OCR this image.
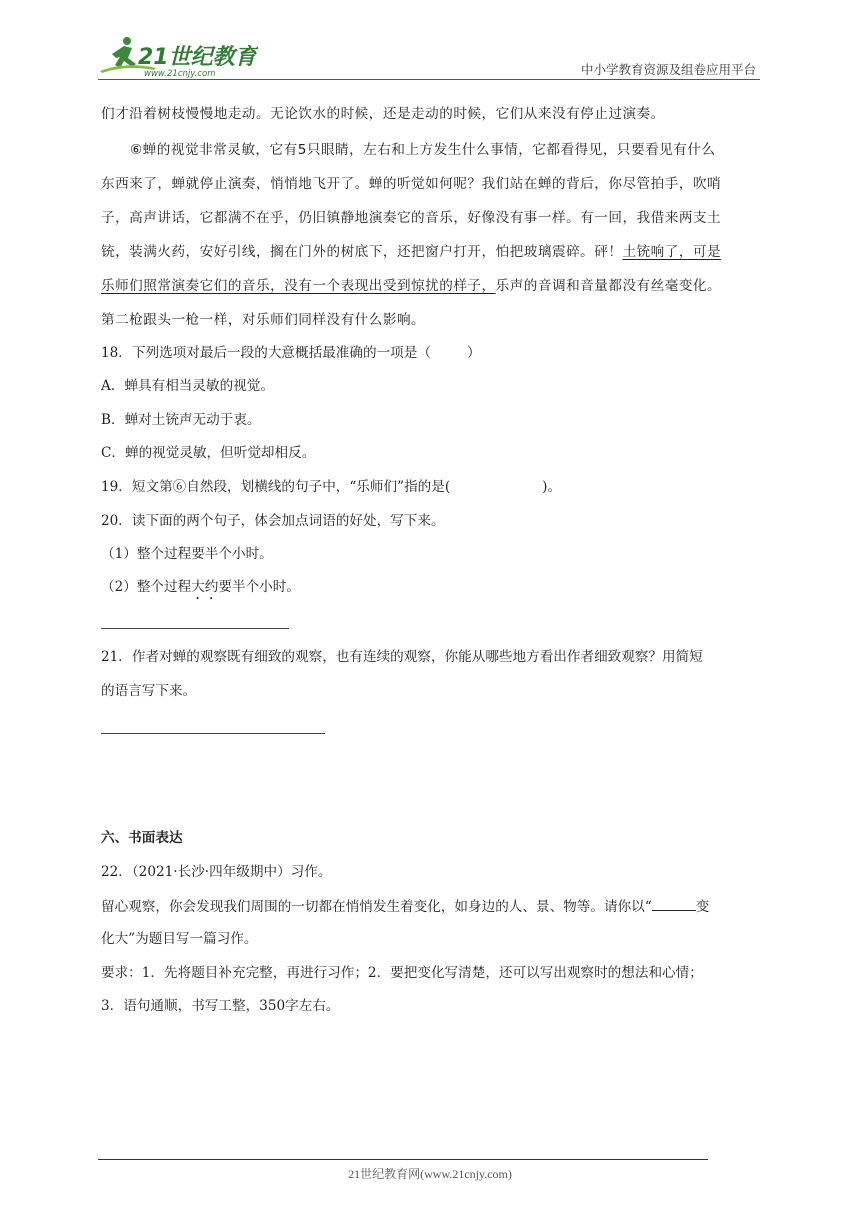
21世纪教育
www.21cnjy.com	中小学教育资源及组卷应用平台
们才沿着树枝慢慢地走动。无论饮水的时候，还是走动的时候，它们从来没有停止过演奏。
⑥蝉的视觉非常灵敏，它有5只眼睛，左右和上方发生什么事情，它都看得见，只要看见有什么
东西来了，蝉就停止演奏，悄悄地飞开了。蝉的听觉如何呢？我们站在蝉的背后，你尽管拍手，吹哨
子，高声讲话，它都满不在乎，仍旧镇静地演奏它的音乐，好像没有事一样。有一回，我借来两支土
铳，装满火药，安好引线，搁在门外的树底下，还把窗户打开，怕把玻璃震碎。砰！土铳响了，可是
乐师们照常演奏它们的音乐，没有一个表现出受到惊扰的样子，乐声的音调和音量都没有丝毫变化。
第二枪跟头一枪一样，对乐师们同样没有什么影响。
18．下列选项对最后一段的大意概括最准确的一项是（	）
A．蝉具有相当灵敏的视觉。
B．蝉对土铳声无动于衷。
C．蝉的视觉灵敏，但听觉却相反。
19．短文第⑥自然段，划横线的句子中，“乐师们”指的是(	)。
20．读下面的两个句子，体会加点词语的好处，写下来。
（1）整个过程要半个小时。
（2）整个过程大约要半个小时。
21．作者对蝉的观察既有细致的观察，也有连续的观察，你能从哪些地方看出作者细致观察？用简短
的语言写下来。
六、书面表达
22．（2021·长沙·四年级期中）习作。
留心观察，你会发现我们周围的一切都在悄悄发生着变化，如身边的人、景、物等。请你以“	变
化大”为题目写一篇习作。
要求：1．先将题目补充完整，再进行习作；2．要把变化写清楚，还可以写出观察时的想法和心情；
3．语句通顺，书写工整，350字左右。
21世纪教育网(www.21cnjy.com)
